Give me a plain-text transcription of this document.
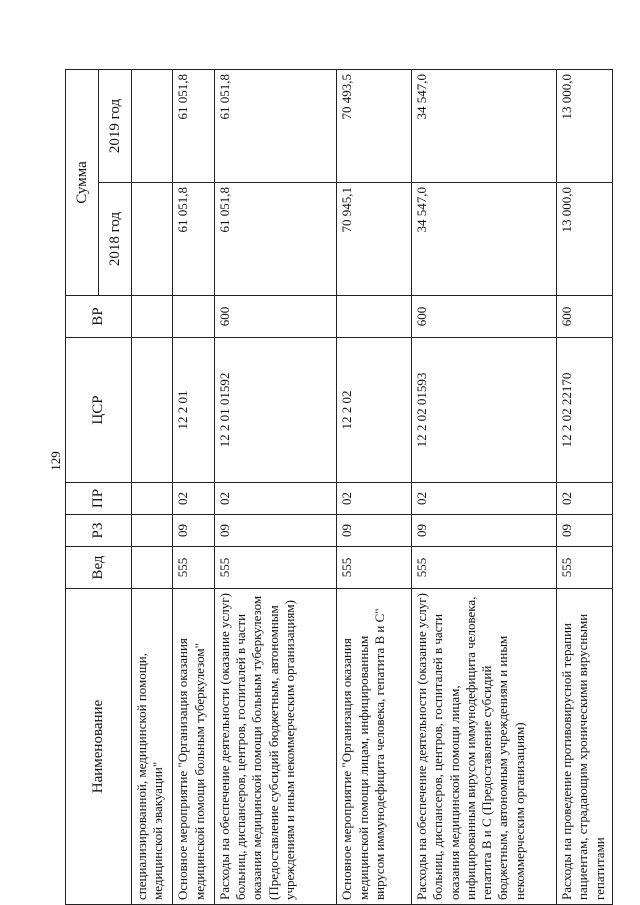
129
Наименование	Вед	РЗ	ПР	ЦСР	ВР	Сумма	
						2018 год	2019 год
специализированной, медицинской помощи, медицинской эвакуации"							
Основное мероприятие "Организация оказания медицинской помощи больным туберкулезом"	555	09	02	12 2 01		61 051,8	61 051,8
Расходы на обеспечение деятельности (оказание услуг) больниц, диспансеров, центров, госпиталей в части оказания медицинской помощи больным туберкулезом (Предоставление субсидий бюджетным, автономным учреждениям и иным некоммерческим организациям)	555	09	02	12 2 01 01592	600	61 051,8	61 051,8
Основное мероприятие "Организация оказания медицинской помощи лицам, инфицированным вирусом иммунодефицита человека, гепатита В и С"	555	09	02	12 2 02		70 945,1	70 493,5
Расходы на обеспечение деятельности (оказание услуг) больниц, диспансеров, центров, госпиталей в части оказания медицинской помощи лицам, инфицированным вирусом иммунодефицита человека, гепатита В и С (Предоставление субсидий бюджетным, автономным учреждениям и иным некоммерческим организациям)	555	09	02	12 2 02 01593	600	34 547,0	34 547,0
Расходы на проведение противовирусной терапии пациентам, страдающим хроническими вирусными гепатитами	555	09	02	12 2 02 22170	600	13 000,0	13 000,0
